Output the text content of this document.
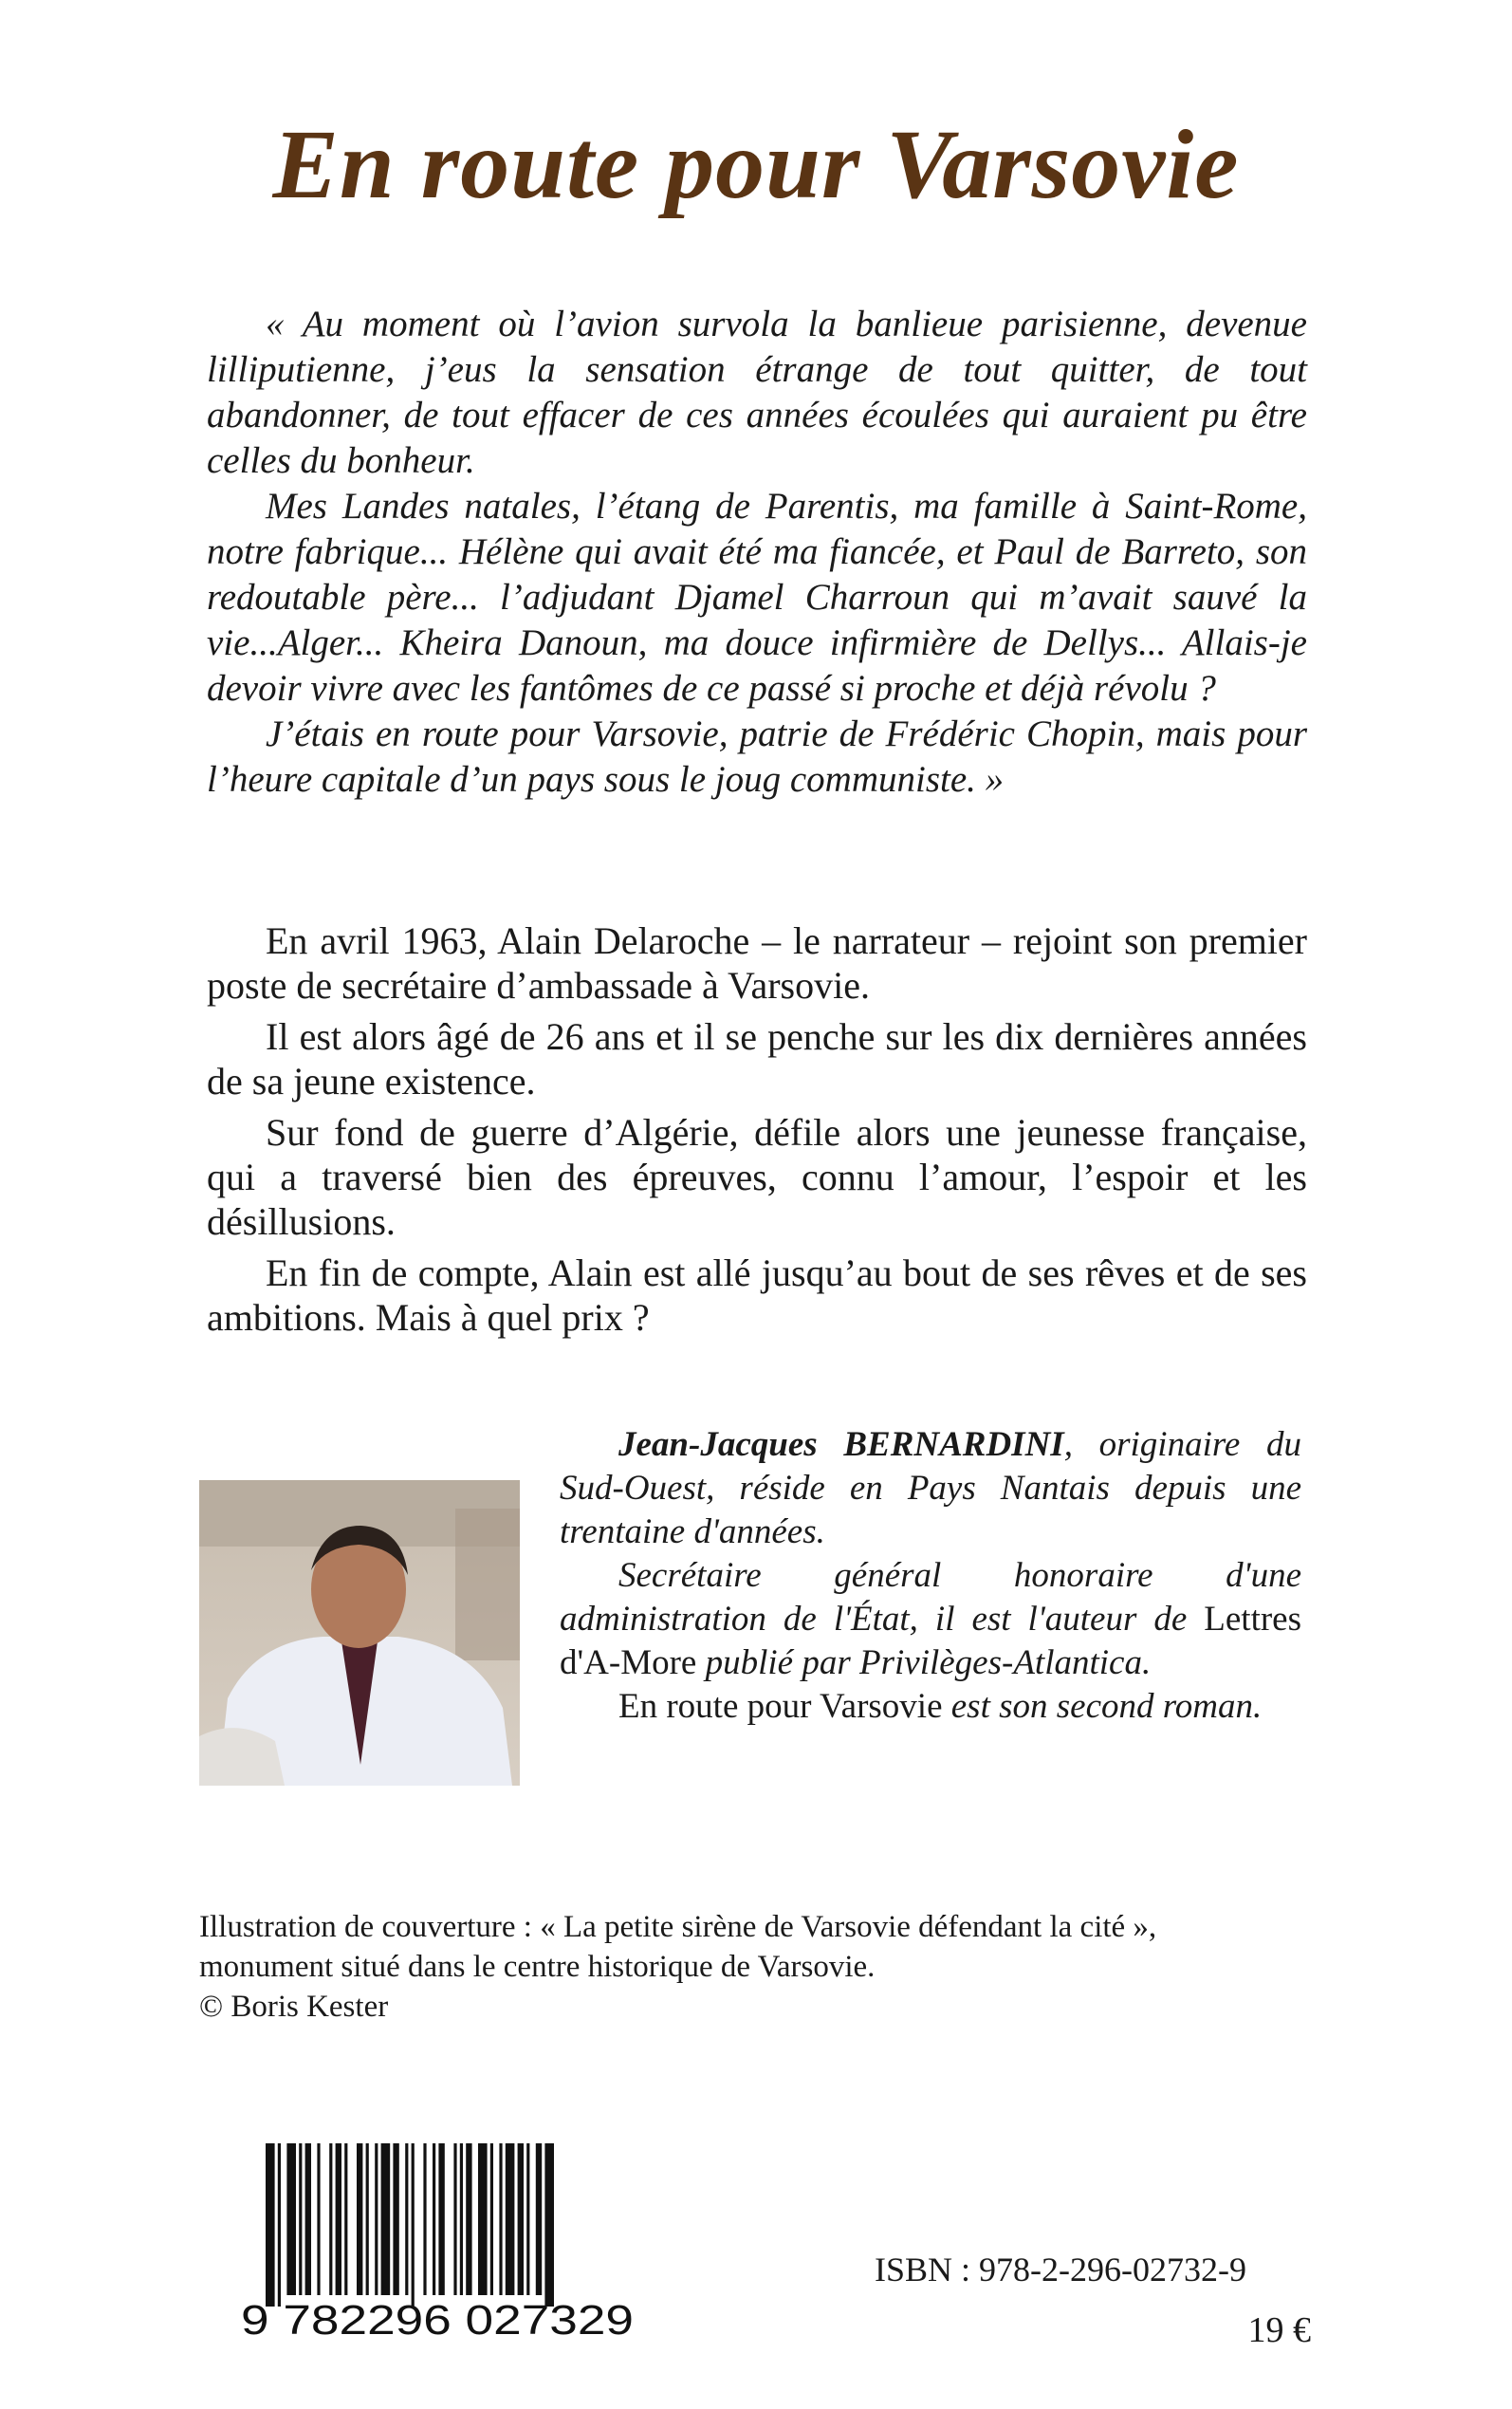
En route pour Varsovie

« Au moment où l’avion survola la banlieue parisienne, devenue lilliputienne, j’eus la sensation étrange de tout quitter, de tout abandonner, de tout effacer de ces années écoulées qui auraient pu être celles du bonheur.

Mes Landes natales, l’étang de Parentis, ma famille à Saint-Rome, notre fabrique... Hélène qui avait été ma fiancée, et Paul de Barreto, son redoutable père... l’adjudant Djamel Charroun qui m’avait sauvé la vie...Alger... Kheira Danoun, ma douce infirmière de Dellys... Allais-je devoir vivre avec les fantômes de ce passé si proche et déjà révolu ?

J’étais en route pour Varsovie, patrie de Frédéric Chopin, mais pour l’heure capitale d’un pays sous le joug communiste. »

En avril 1963, Alain Delaroche – le narrateur – rejoint son premier poste de secrétaire d’ambassade à Varsovie.

Il est alors âgé de 26 ans et il se penche sur les dix dernières années de sa jeune existence.

Sur fond de guerre d’Algérie, défile alors une jeunesse française, qui a traversé bien des épreuves, connu l’amour, l’espoir et les désillusions.

En fin de compte, Alain est allé jusqu’au bout de ses rêves et de ses ambitions. Mais à quel prix ?

Jean-Jacques BERNARDINI, originaire du Sud-Ouest, réside en Pays Nantais depuis une trentaine d'années.

Secrétaire général honoraire d'une administration de l'État, il est l'auteur de Lettres d'A-More publié par Privilèges-Atlantica.

En route pour Varsovie est son second roman.

Illustration de couverture : « La petite sirène de Varsovie défendant la cité »,
monument situé dans le centre historique de Varsovie.
© Boris Kester
9 782296 027329
ISBN : 978-2-296-02732-9
19 €
